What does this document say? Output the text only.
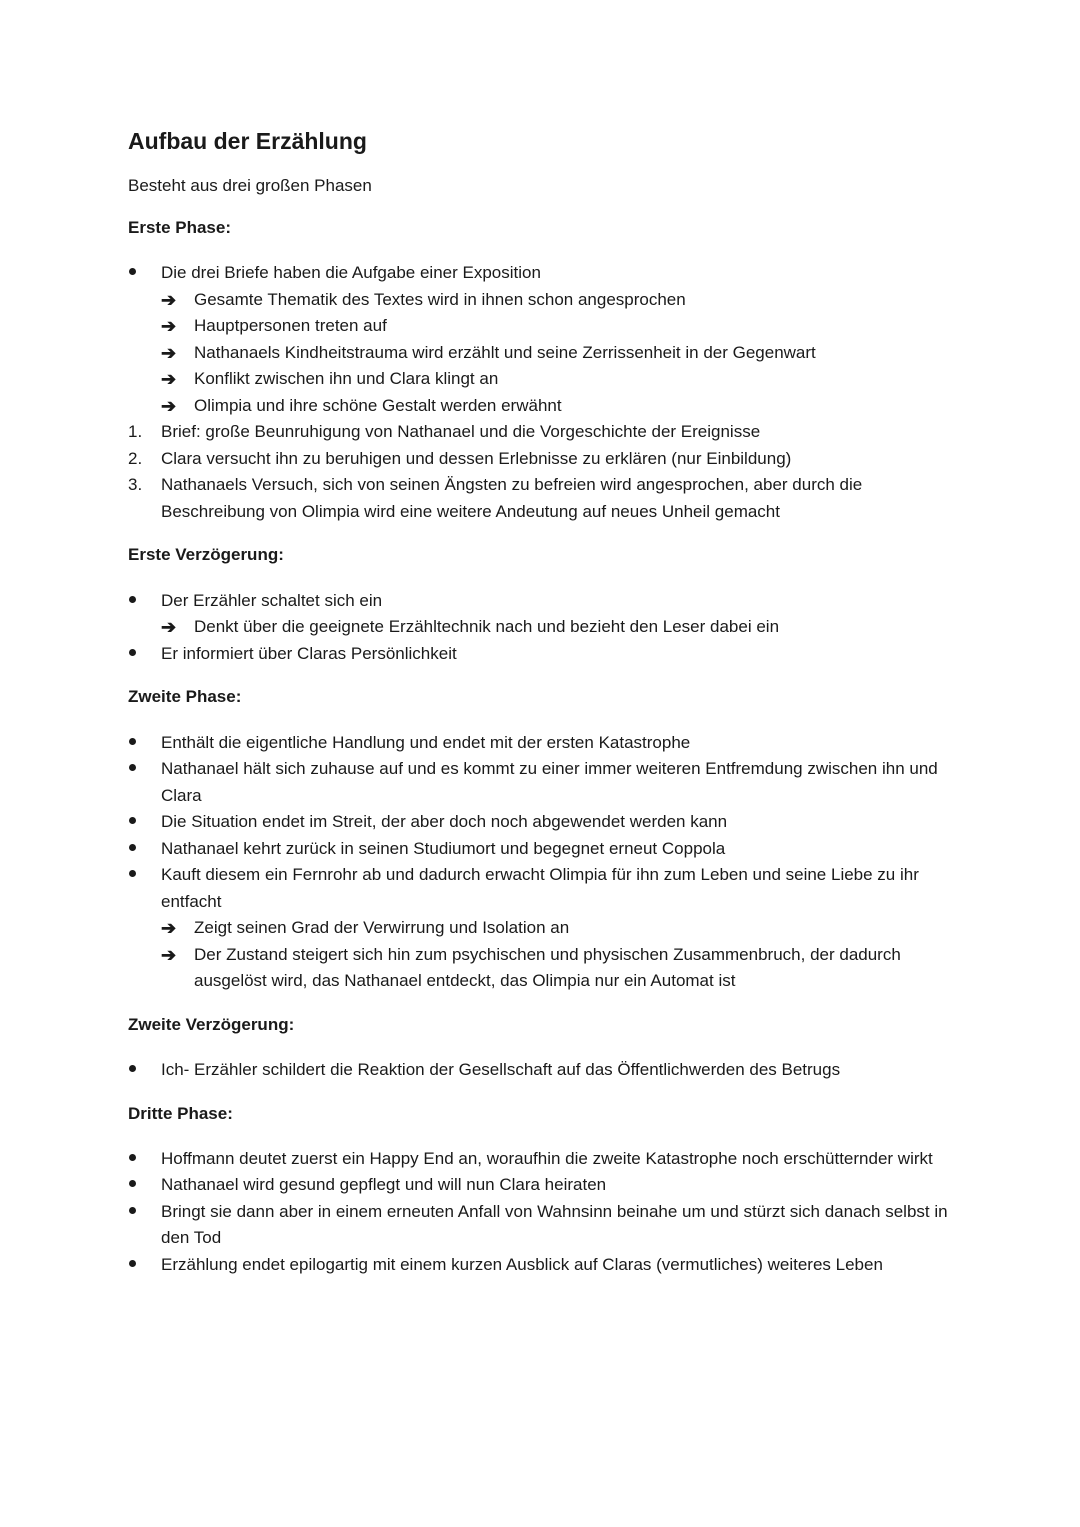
Aufbau der Erzählung

Besteht aus drei großen Phasen

Erste Phase:
Die drei Briefe haben die Aufgabe einer Exposition
➔ Gesamte Thematik des Textes wird in ihnen schon angesprochen
➔ Hauptpersonen treten auf
➔ Nathanaels Kindheitstrauma wird erzählt und seine Zerrissenheit in der Gegenwart
➔ Konflikt zwischen ihn und Clara klingt an
➔ Olimpia und ihre schöne Gestalt werden erwähnt
1.	Brief: große Beunruhigung von Nathanael und die Vorgeschichte der Ereignisse
2.	Clara versucht ihn zu beruhigen und dessen Erlebnisse zu erklären (nur Einbildung)
3.	Nathanaels Versuch, sich von seinen Ängsten zu befreien wird angesprochen, aber durch die Beschreibung von Olimpia wird eine weitere Andeutung auf neues Unheil gemacht
Erste Verzögerung:
Der Erzähler schaltet sich ein
➔ Denkt über die geeignete Erzähltechnik nach und bezieht den Leser dabei ein
Er informiert über Claras Persönlichkeit
Zweite Phase:
Enthält die eigentliche Handlung und endet mit der ersten Katastrophe
Nathanael hält sich zuhause auf und es kommt zu einer immer weiteren Entfremdung zwischen ihn und Clara
Die Situation endet im Streit, der aber doch noch abgewendet werden kann
Nathanael kehrt zurück in seinen Studiumort und begegnet erneut Coppola
Kauft diesem ein Fernrohr ab und dadurch erwacht Olimpia für ihn zum Leben und seine Liebe zu ihr entfacht
➔ Zeigt seinen Grad der Verwirrung und Isolation an
➔ Der Zustand steigert sich hin zum psychischen und physischen Zusammenbruch, der dadurch ausgelöst wird, das Nathanael entdeckt, das Olimpia nur ein Automat ist
Zweite Verzögerung:
Ich- Erzähler schildert die Reaktion der Gesellschaft auf das Öffentlichwerden des Betrugs
Dritte Phase:
Hoffmann deutet zuerst ein Happy End an, woraufhin die zweite Katastrophe noch erschütternder wirkt
Nathanael wird gesund gepflegt und will nun Clara heiraten
Bringt sie dann aber in einem erneuten Anfall von Wahnsinn beinahe um und stürzt sich danach selbst in den Tod
Erzählung endet epilogartig mit einem kurzen Ausblick auf Claras (vermutliches) weiteres Leben
